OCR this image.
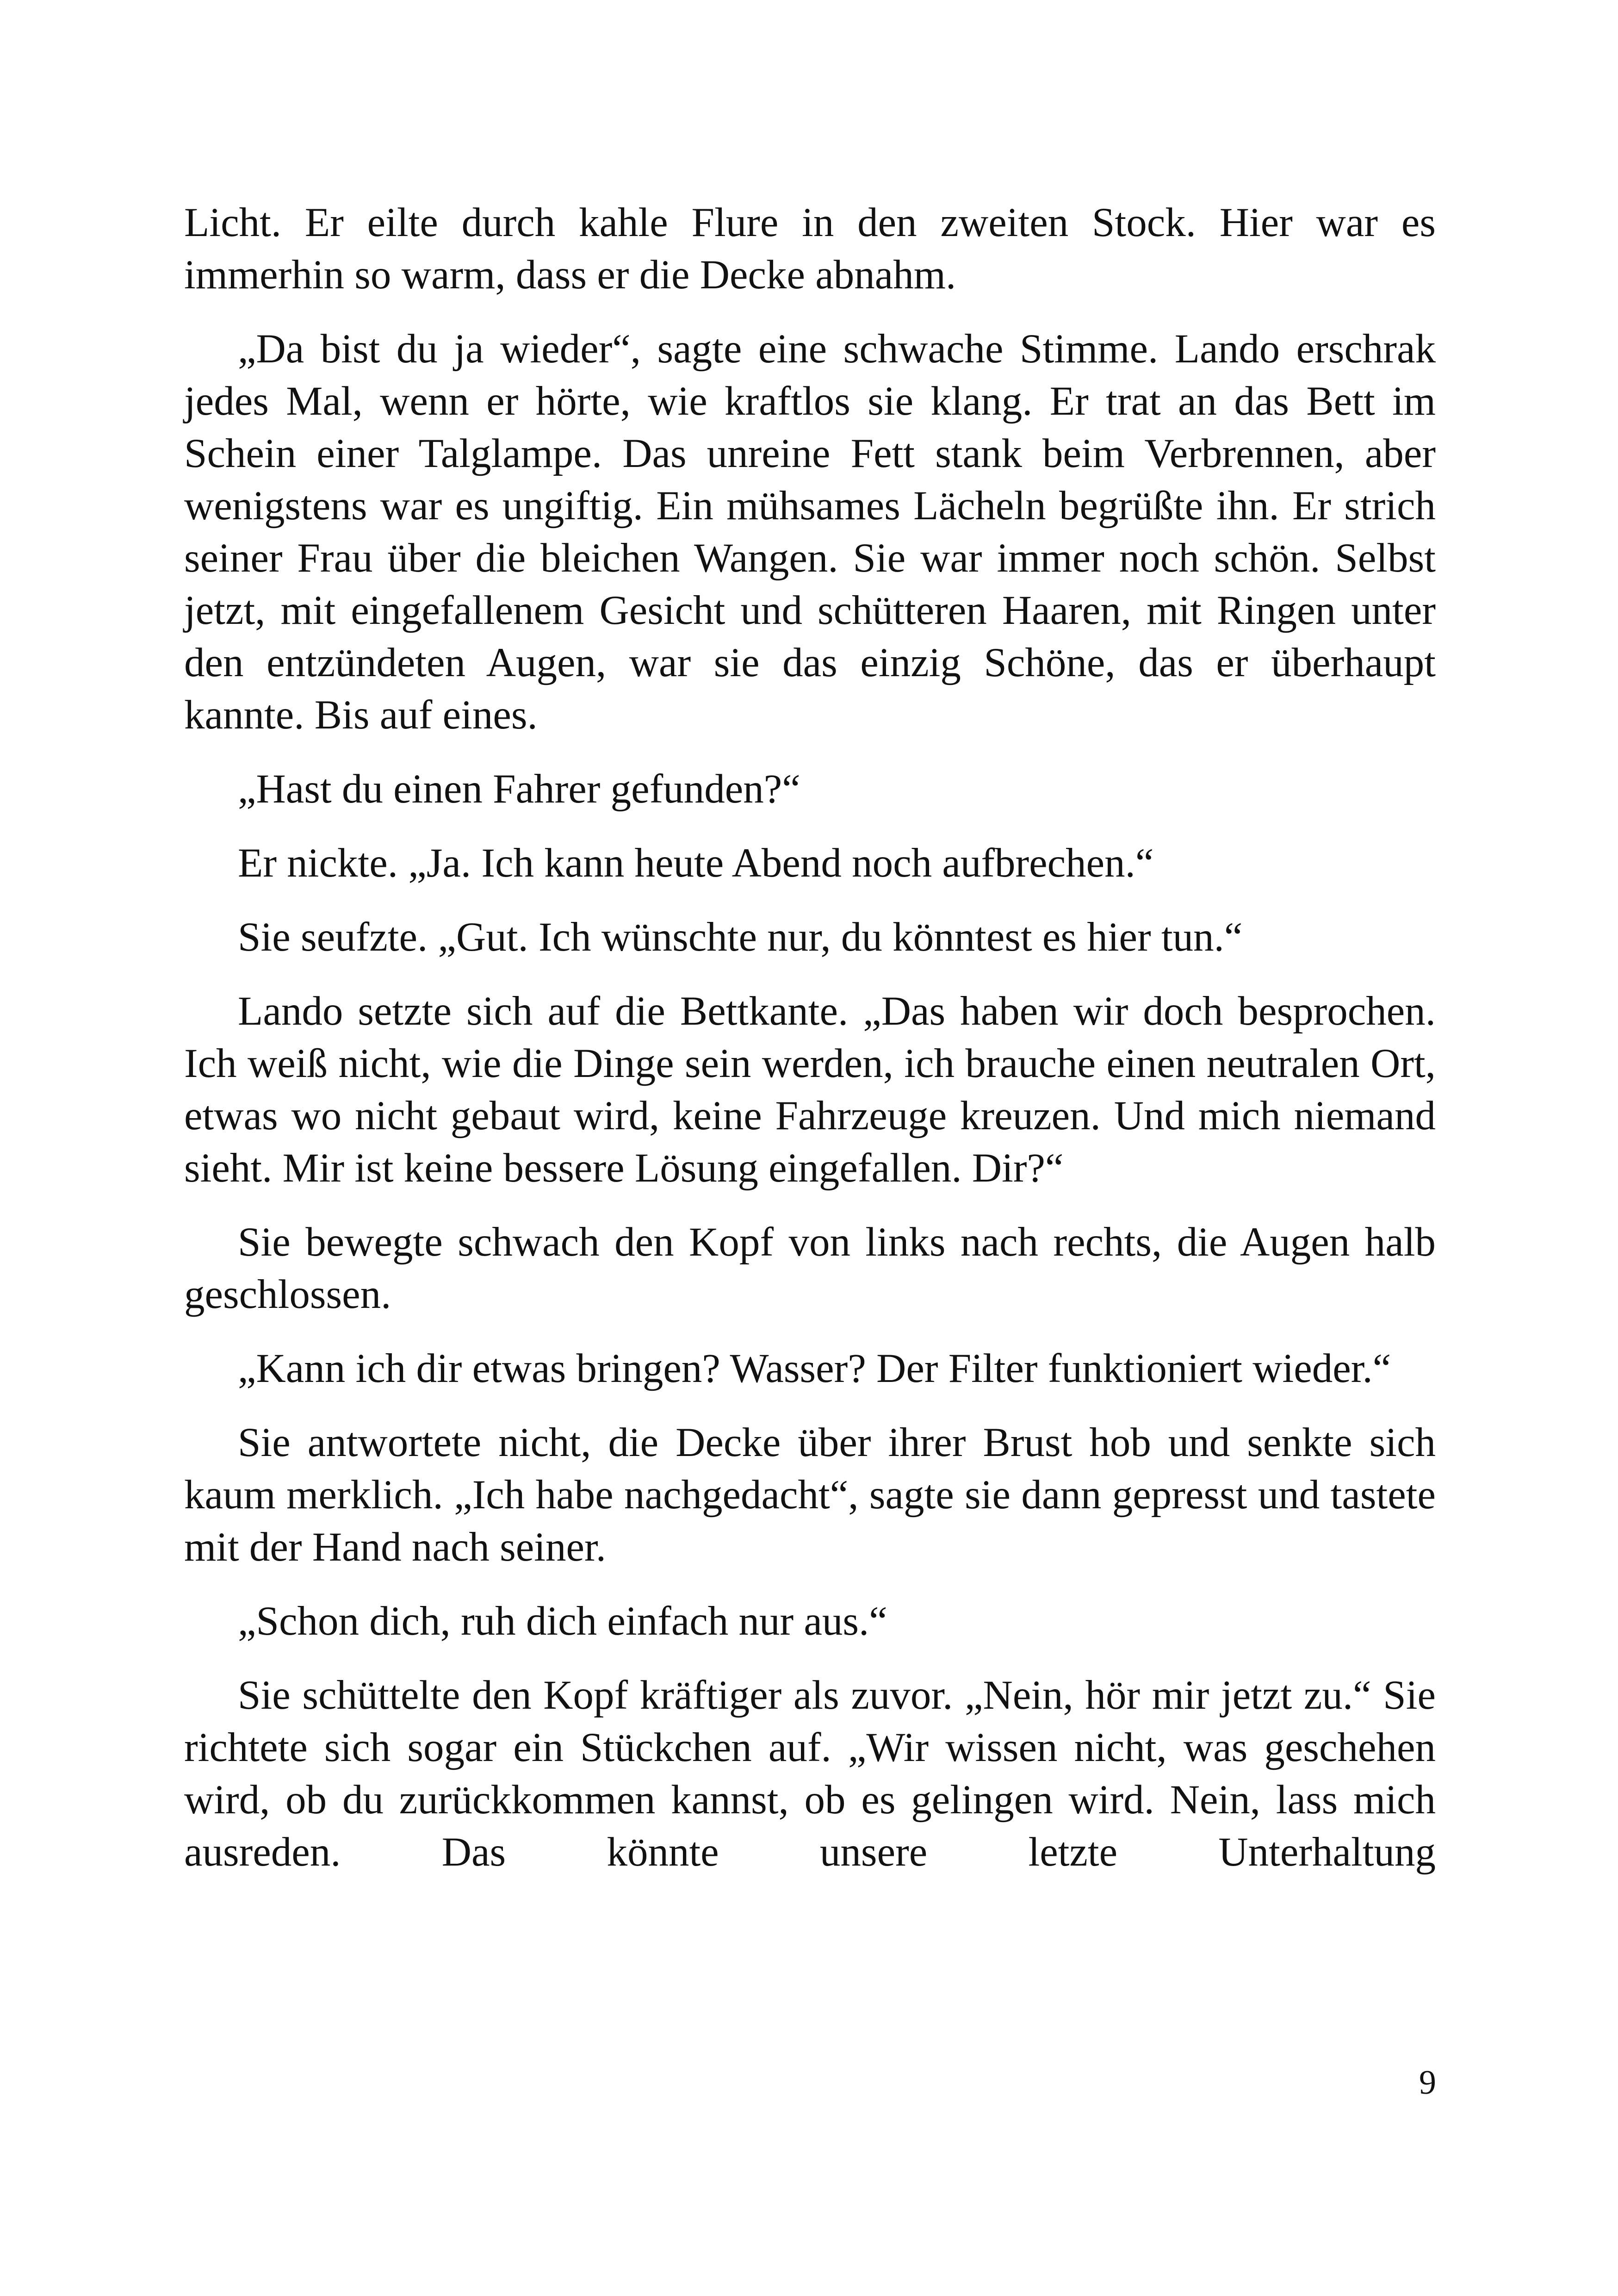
Licht. Er eilte durch kahle Flure in den zweiten Stock. Hier war es immerhin so warm, dass er die Decke abnahm.

„Da bist du ja wieder“, sagte eine schwache Stimme. Lando erschrak jedes Mal, wenn er hörte, wie kraftlos sie klang. Er trat an das Bett im Schein einer Talglampe. Das unreine Fett stank beim Verbrennen, aber wenigstens war es ungiftig. Ein mühsames Lächeln begrüßte ihn. Er strich seiner Frau über die bleichen Wangen. Sie war immer noch schön. Selbst jetzt, mit eingefallenem Gesicht und schütteren Haaren, mit Ringen unter den entzündeten Augen, war sie das einzig Schöne, das er überhaupt kannte. Bis auf eines.

„Hast du einen Fahrer gefunden?“

Er nickte. „Ja. Ich kann heute Abend noch aufbrechen.“

Sie seufzte. „Gut. Ich wünschte nur, du könntest es hier tun.“

Lando setzte sich auf die Bettkante. „Das haben wir doch besprochen. Ich weiß nicht, wie die Dinge sein werden, ich brauche einen neutralen Ort, etwas wo nicht gebaut wird, keine Fahrzeuge kreuzen. Und mich niemand sieht. Mir ist keine bessere Lösung eingefallen. Dir?“

Sie bewegte schwach den Kopf von links nach rechts, die Augen halb geschlossen.

„Kann ich dir etwas bringen? Wasser? Der Filter funktioniert wieder.“

Sie antwortete nicht, die Decke über ihrer Brust hob und senkte sich kaum merklich. „Ich habe nachgedacht“, sagte sie dann gepresst und tastete mit der Hand nach seiner.

„Schon dich, ruh dich einfach nur aus.“

Sie schüttelte den Kopf kräftiger als zuvor. „Nein, hör mir jetzt zu.“ Sie richtete sich sogar ein Stückchen auf. „Wir wissen nicht, was geschehen wird, ob du zurückkommen kannst, ob es gelingen wird. Nein, lass mich ausreden. Das könnte unsere letzte Unterhaltung

9
